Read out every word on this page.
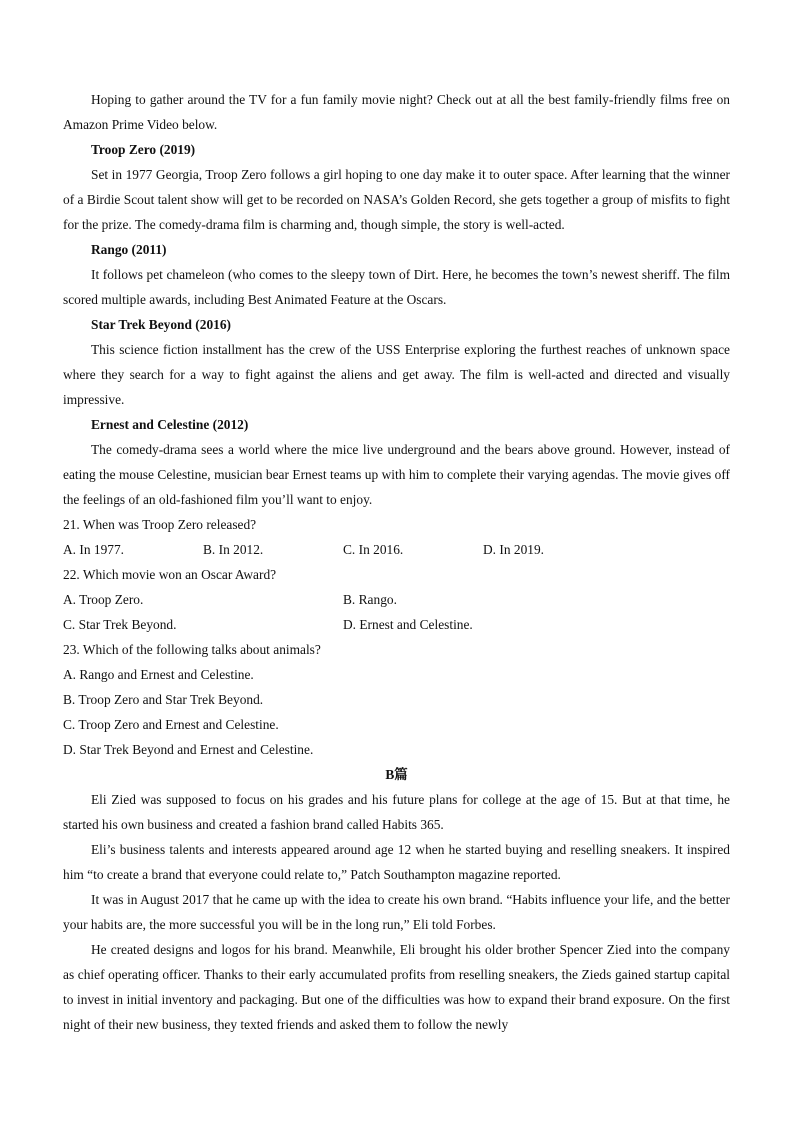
Hoping to gather around the TV for a fun family movie night? Check out at all the best family-friendly films free on Amazon Prime Video below.

Troop Zero (2019)

Set in 1977 Georgia, Troop Zero follows a girl hoping to one day make it to outer space. After learning that the winner of a Birdie Scout talent show will get to be recorded on NASA’s Golden Record, she gets together a group of misfits to fight for the prize. The comedy-drama film is charming and, though simple, the story is well-acted.

Rango (2011)

It follows pet chameleon (who comes to the sleepy town of Dirt. Here, he becomes the town’s newest sheriff. The film scored multiple awards, including Best Animated Feature at the Oscars.

Star Trek Beyond (2016)

This science fiction installment has the crew of the USS Enterprise exploring the furthest reaches of unknown space where they search for a way to fight against the aliens and get away. The film is well-acted and directed and visually impressive.

Ernest and Celestine (2012)

The comedy-drama sees a world where the mice live underground and the bears above ground. However, instead of eating the mouse Celestine, musician bear Ernest teams up with him to complete their varying agendas. The movie gives off the feelings of an old-fashioned film you’ll want to enjoy.

21. When was Troop Zero released?

A. In 1977.	B. In 2012.	C. In 2016.	D. In 2019.

22. Which movie won an Oscar Award?

A. Troop Zero.	B. Rango.
C. Star Trek Beyond.	D. Ernest and Celestine.

23. Which of the following talks about animals?

A. Rango and Ernest and Celestine.

B. Troop Zero and Star Trek Beyond.

C. Troop Zero and Ernest and Celestine.

D. Star Trek Beyond and Ernest and Celestine.

B篇

Eli Zied was supposed to focus on his grades and his future plans for college at the age of 15. But at that time, he started his own business and created a fashion brand called Habits 365.

Eli’s business talents and interests appeared around age 12 when he started buying and reselling sneakers. It inspired him “to create a brand that everyone could relate to,” Patch Southampton magazine reported.

It was in August 2017 that he came up with the idea to create his own brand. “Habits influence your life, and the better your habits are, the more successful you will be in the long run,” Eli told Forbes.

He created designs and logos for his brand. Meanwhile, Eli brought his older brother Spencer Zied into the company as chief operating officer. Thanks to their early accumulated profits from reselling sneakers, the Zieds gained startup capital to invest in initial inventory and packaging. But one of the difficulties was how to expand their brand exposure. On the first night of their new business, they texted friends and asked them to follow the newly
